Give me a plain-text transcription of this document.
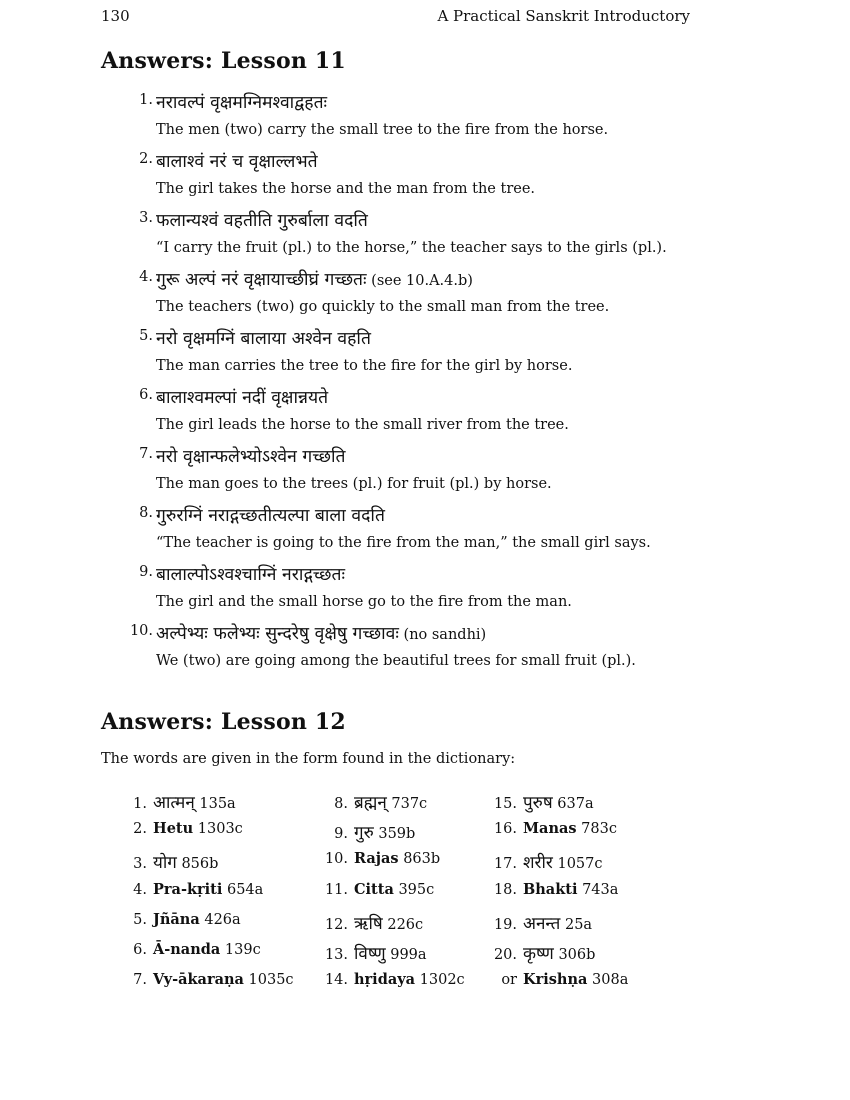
130	A Practical Sanskrit Introductory
Answers: Lesson 11
1. नरावल्पं वृक्षमग्निमश्वाद्वहतः
The men (two) carry the small tree to the fire from the horse.
2. बालाश्वं नरं च वृक्षाल्लभते
The girl takes the horse and the man from the tree.
3. फलान्यश्वं वहतीति गुरुर्बाला वदति
“I carry the fruit (pl.) to the horse,” the teacher says to the girls (pl.).
4. गुरू अल्पं नरं वृक्षायाच्छीघ्रं गच्छतः (see 10.A.4.b)
The teachers (two) go quickly to the small man from the tree.
5. नरो वृक्षमग्निं बालाया अश्वेन वहति
The man carries the tree to the fire for the girl by horse.
6. बालाश्वमल्पां नदीं वृक्षान्नयते
The girl leads the horse to the small river from the tree.
7. नरो वृक्षान्फलेभ्योऽश्वेन गच्छति
The man goes to the trees (pl.) for fruit (pl.) by horse.
8. गुरुरग्निं नराद्गच्छतीत्यल्पा बाला वदति
“The teacher is going to the fire from the man,” the small girl says.
9. बालाल्पोऽश्वश्चाग्निं नराद्गच्छतः
The girl and the small horse go to the fire from the man.
10. अल्पेभ्यः फलेभ्यः सुन्दरेषु वृक्षेषु गच्छावः (no sandhi)
We (two) are going among the beautiful trees for small fruit (pl.).
Answers: Lesson 12
The words are given in the form found in the dictionary:
1. आत्मन् 135a
2. Hetu 1303c
3. योग 856b
4. Pra-kṛiti 654a
5. Jñāna 426a
6. Ā-nanda 139c
7. Vy-ākaraṇa 1035c
8. ब्रह्मन् 737c
9. गुरु 359b
10. Rajas 863b
11. Citta 395c
12. ऋषि 226c
13. विष्णु 999a
14. hṛidaya 1302c
15. पुरुष 637a
16. Manas 783c
17. शरीर 1057c
18. Bhakti 743a
19. अनन्त 25a
20. कृष्ण 306b
or Krishṇa 308a
